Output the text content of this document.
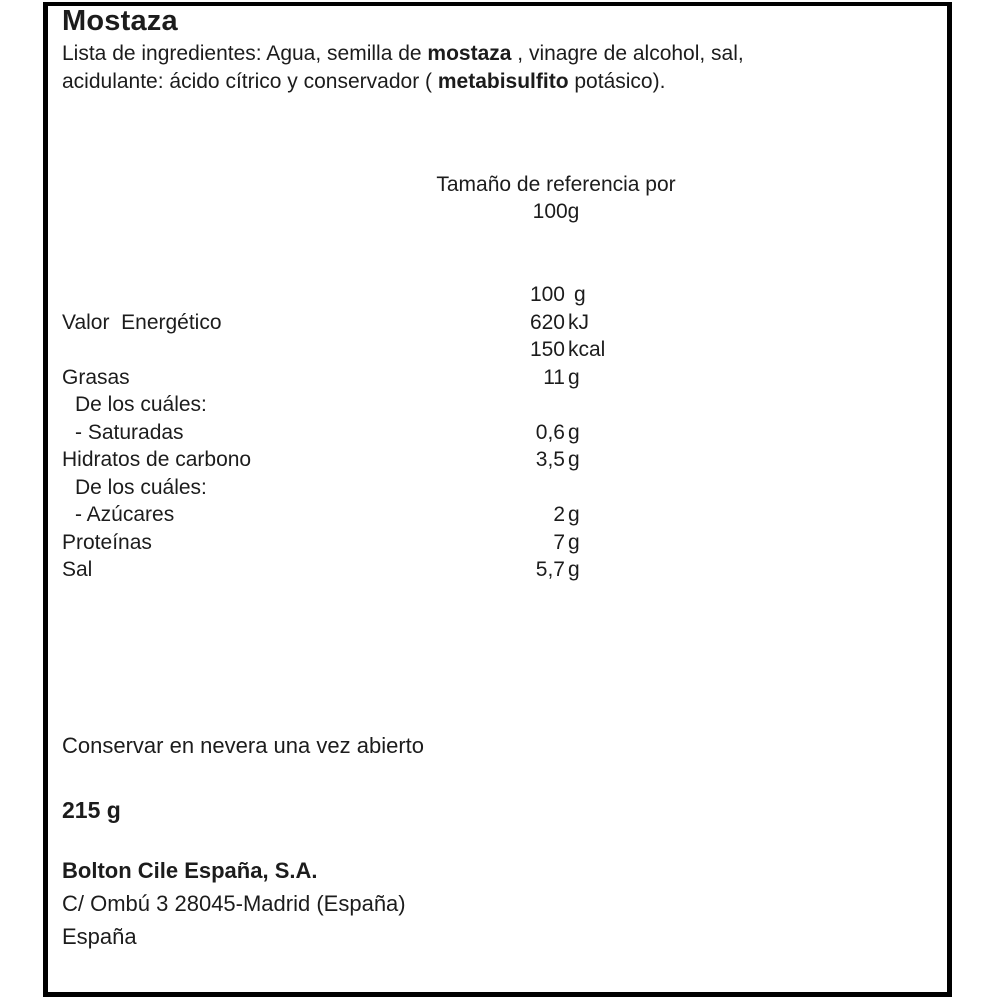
Mostaza
Lista de ingredientes: Agua, semilla de mostaza , vinagre de alcohol, sal,
acidulante: ácido cítrico y conservador ( metabisulfito potásico).
Tamaño de referencia por
100g
100 g
Valor  Energético	620 kJ
150 kcal
Grasas	11 g
De los cuáles:
- Saturadas	0,6 g
Hidratos de carbono	3,5 g
De los cuáles:
- Azúcares	2 g
Proteínas	7 g
Sal	5,7 g
Conservar en nevera una vez abierto
215 g
Bolton Cile España, S.A.
C/ Ombú 3 28045-Madrid (España)
España
